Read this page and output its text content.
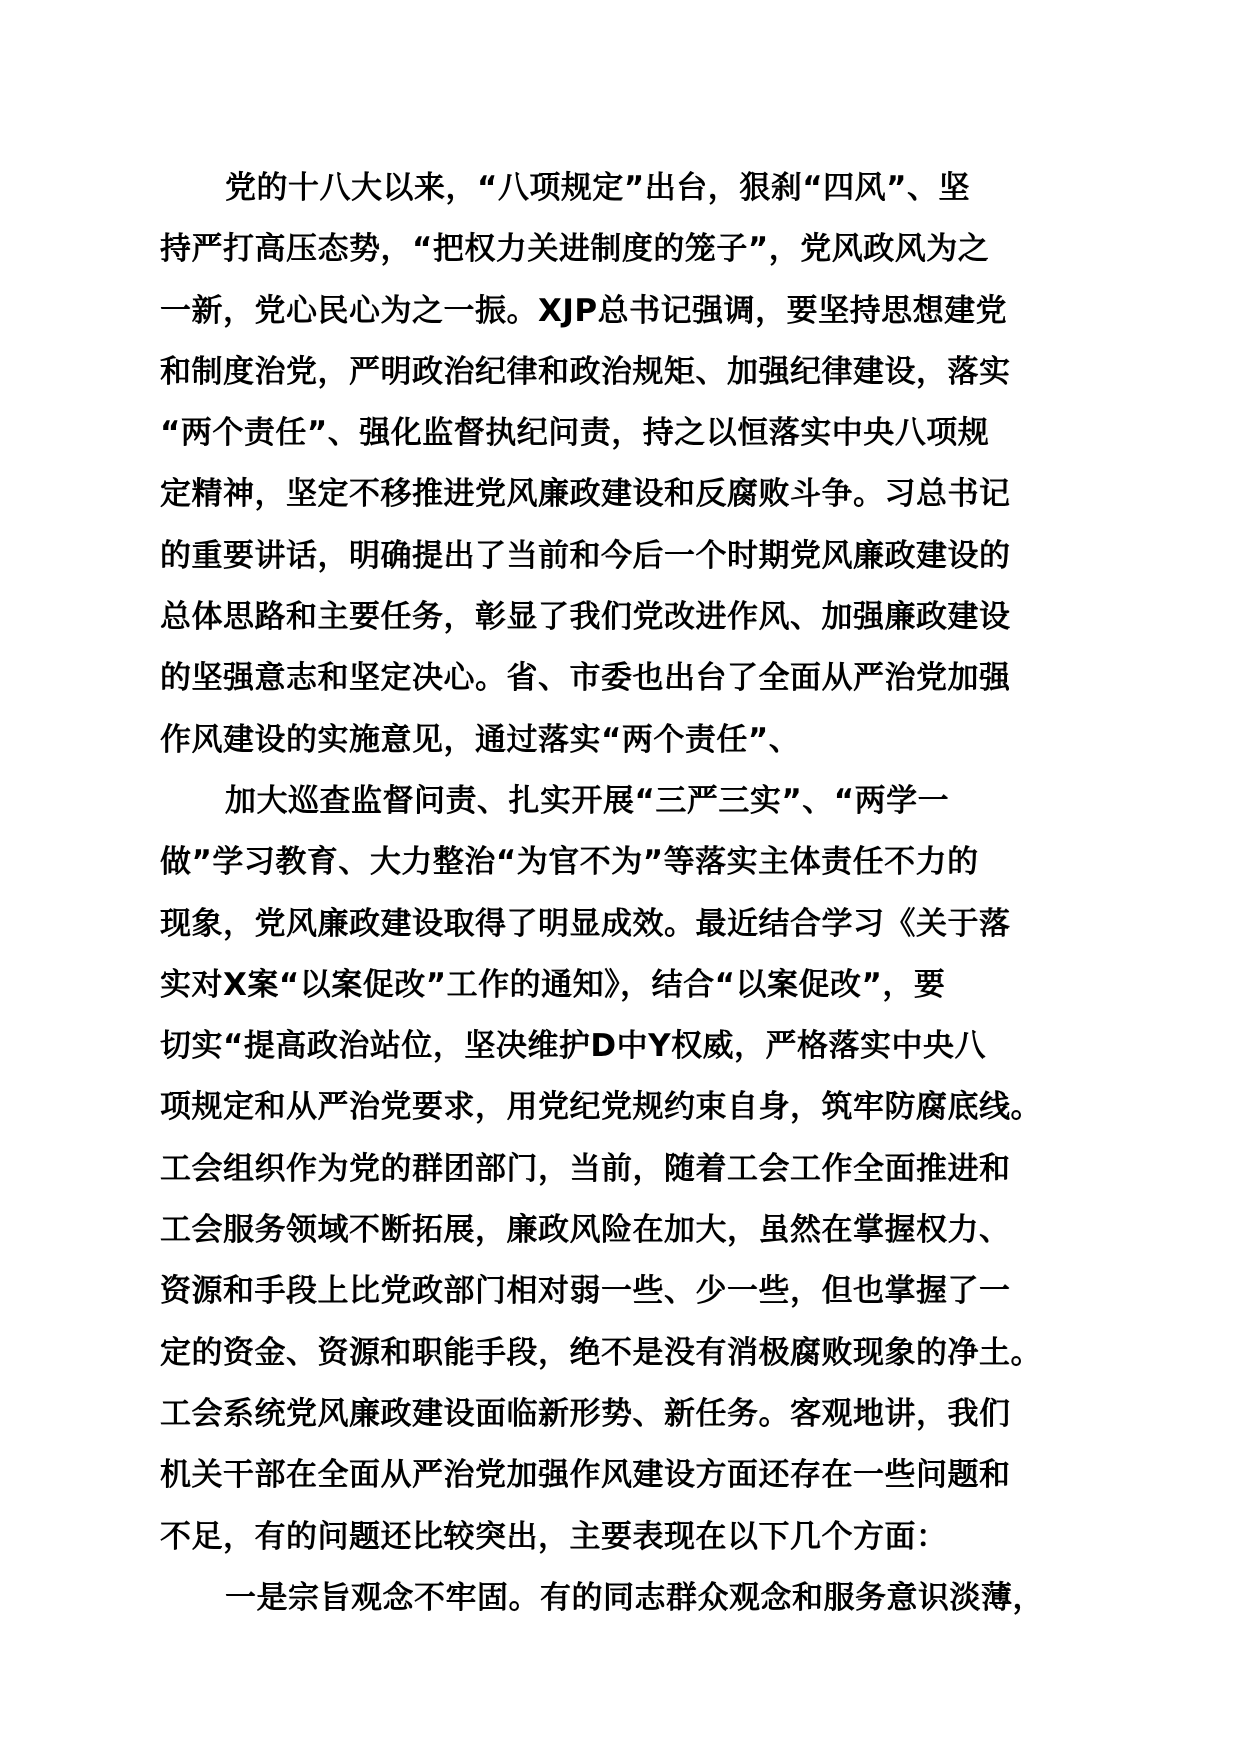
党的十八大以来，“八项规定”出台，狠刹“四风”、坚
持严打高压态势，“把权力关进制度的笼子”，党风政风为之
一新，党心民心为之一振。XJP总书记强调，要坚持思想建党
和制度治党，严明政治纪律和政治规矩、加强纪律建设，落实
“两个责任”、强化监督执纪问责，持之以恒落实中央八项规
定精神，坚定不移推进党风廉政建设和反腐败斗争。习总书记
的重要讲话，明确提出了当前和今后一个时期党风廉政建设的
总体思路和主要任务，彰显了我们党改进作风、加强廉政建设
的坚强意志和坚定决心。省、市委也出台了全面从严治党加强
作风建设的实施意见，通过落实“两个责任”、
加大巡查监督问责、扎实开展“三严三实”、“两学一
做”学习教育、大力整治“为官不为”等落实主体责任不力的
现象，党风廉政建设取得了明显成效。最近结合学习《关于落
实对X案“以案促改”工作的通知》，结合“以案促改”，要
切实“提高政治站位，坚决维护D中Y权威，严格落实中央八
项规定和从严治党要求，用党纪党规约束自身，筑牢防腐底线。
工会组织作为党的群团部门，当前，随着工会工作全面推进和
工会服务领域不断拓展，廉政风险在加大，虽然在掌握权力、
资源和手段上比党政部门相对弱一些、少一些，但也掌握了一
定的资金、资源和职能手段，绝不是没有消极腐败现象的净土。
工会系统党风廉政建设面临新形势、新任务。客观地讲，我们
机关干部在全面从严治党加强作风建设方面还存在一些问题和
不足，有的问题还比较突出，主要表现在以下几个方面：
一是宗旨观念不牢固。有的同志群众观念和服务意识淡薄，
